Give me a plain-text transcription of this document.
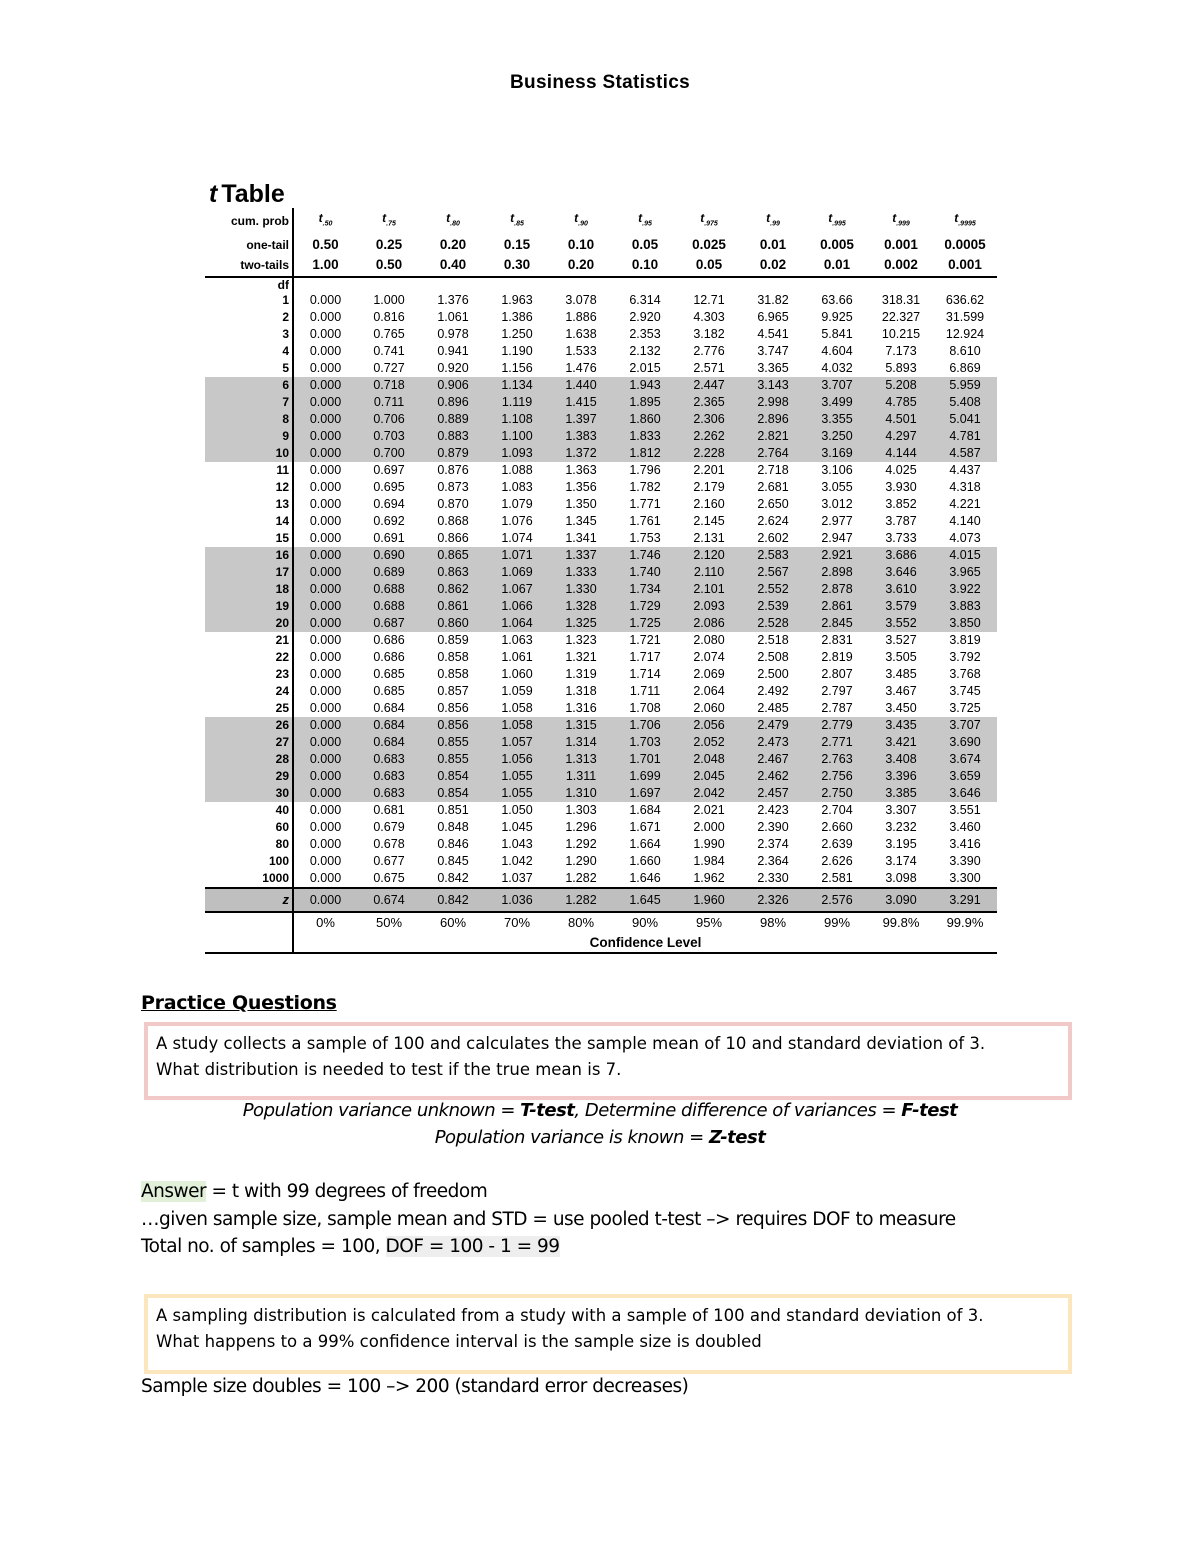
Business Statistics
t Table
cum. prob	$t_{.50}$	$t_{.75}$	$t_{.80}$	$t_{.85}$	$t_{.90}$	$t_{.95}$	$t_{.975}$	$t_{.99}$	$t_{.995}$	$t_{.999}$	$t_{.9995}$
one-tail	0.50	0.25	0.20	0.15	0.10	0.05	0.025	0.01	0.005	0.001	0.0005
two-tails	1.00	0.50	0.40	0.30	0.20	0.10	0.05	0.02	0.01	0.002	0.001
df											
1	0.000	1.000	1.376	1.963	3.078	6.314	12.71	31.82	63.66	318.31	636.62
2	0.000	0.816	1.061	1.386	1.886	2.920	4.303	6.965	9.925	22.327	31.599
3	0.000	0.765	0.978	1.250	1.638	2.353	3.182	4.541	5.841	10.215	12.924
4	0.000	0.741	0.941	1.190	1.533	2.132	2.776	3.747	4.604	7.173	8.610
5	0.000	0.727	0.920	1.156	1.476	2.015	2.571	3.365	4.032	5.893	6.869
6	0.000	0.718	0.906	1.134	1.440	1.943	2.447	3.143	3.707	5.208	5.959
7	0.000	0.711	0.896	1.119	1.415	1.895	2.365	2.998	3.499	4.785	5.408
8	0.000	0.706	0.889	1.108	1.397	1.860	2.306	2.896	3.355	4.501	5.041
9	0.000	0.703	0.883	1.100	1.383	1.833	2.262	2.821	3.250	4.297	4.781
10	0.000	0.700	0.879	1.093	1.372	1.812	2.228	2.764	3.169	4.144	4.587
11	0.000	0.697	0.876	1.088	1.363	1.796	2.201	2.718	3.106	4.025	4.437
12	0.000	0.695	0.873	1.083	1.356	1.782	2.179	2.681	3.055	3.930	4.318
13	0.000	0.694	0.870	1.079	1.350	1.771	2.160	2.650	3.012	3.852	4.221
14	0.000	0.692	0.868	1.076	1.345	1.761	2.145	2.624	2.977	3.787	4.140
15	0.000	0.691	0.866	1.074	1.341	1.753	2.131	2.602	2.947	3.733	4.073
16	0.000	0.690	0.865	1.071	1.337	1.746	2.120	2.583	2.921	3.686	4.015
17	0.000	0.689	0.863	1.069	1.333	1.740	2.110	2.567	2.898	3.646	3.965
18	0.000	0.688	0.862	1.067	1.330	1.734	2.101	2.552	2.878	3.610	3.922
19	0.000	0.688	0.861	1.066	1.328	1.729	2.093	2.539	2.861	3.579	3.883
20	0.000	0.687	0.860	1.064	1.325	1.725	2.086	2.528	2.845	3.552	3.850
21	0.000	0.686	0.859	1.063	1.323	1.721	2.080	2.518	2.831	3.527	3.819
22	0.000	0.686	0.858	1.061	1.321	1.717	2.074	2.508	2.819	3.505	3.792
23	0.000	0.685	0.858	1.060	1.319	1.714	2.069	2.500	2.807	3.485	3.768
24	0.000	0.685	0.857	1.059	1.318	1.711	2.064	2.492	2.797	3.467	3.745
25	0.000	0.684	0.856	1.058	1.316	1.708	2.060	2.485	2.787	3.450	3.725
26	0.000	0.684	0.856	1.058	1.315	1.706	2.056	2.479	2.779	3.435	3.707
27	0.000	0.684	0.855	1.057	1.314	1.703	2.052	2.473	2.771	3.421	3.690
28	0.000	0.683	0.855	1.056	1.313	1.701	2.048	2.467	2.763	3.408	3.674
29	0.000	0.683	0.854	1.055	1.311	1.699	2.045	2.462	2.756	3.396	3.659
30	0.000	0.683	0.854	1.055	1.310	1.697	2.042	2.457	2.750	3.385	3.646
40	0.000	0.681	0.851	1.050	1.303	1.684	2.021	2.423	2.704	3.307	3.551
60	0.000	0.679	0.848	1.045	1.296	1.671	2.000	2.390	2.660	3.232	3.460
80	0.000	0.678	0.846	1.043	1.292	1.664	1.990	2.374	2.639	3.195	3.416
100	0.000	0.677	0.845	1.042	1.290	1.660	1.984	2.364	2.626	3.174	3.390
1000	0.000	0.675	0.842	1.037	1.282	1.646	1.962	2.330	2.581	3.098	3.300
z	0.000	0.674	0.842	1.036	1.282	1.645	1.960	2.326	2.576	3.090	3.291
	0%	50%	60%	70%	80%	90%	95%	98%	99%	99.8%	99.9%
	Confidence Level										
Practice Questions
A study collects a sample of 100 and calculates the sample mean of 10 and standard deviation of 3.
What distribution is needed to test if the true mean is 7.
Population variance unknown = T-test, Determine difference of variances = F-test
Population variance is known = Z-test
Answer = t with 99 degrees of freedom
…given sample size, sample mean and STD = use pooled t-test –> requires DOF to measure
Total no. of samples = 100, DOF = 100 - 1 = 99
A sampling distribution is calculated from a study with a sample of 100 and standard deviation of 3.
What happens to a 99% confidence interval is the sample size is doubled
Sample size doubles = 100 –> 200 (standard error decreases)
